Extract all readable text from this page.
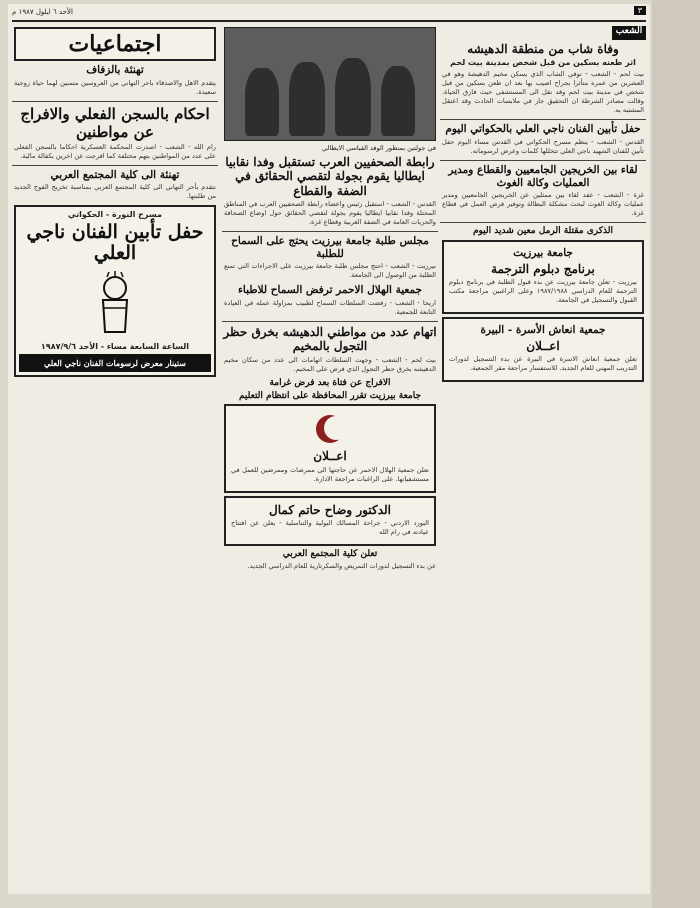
٣
الأحد ٦ ايلول ١٩٨٧ م
الشعب
وفاة شاب من منطقة الدهيشه
اثر طعنه بسكين من قبل شخص بمدينة بيت لحم
بيت لحم - الشعب - توفي الشاب الذي يسكن مخيم الدهيشة وهو في العشرين من عمره متأثرا بجراح اصيب بها بعد ان طعن بسكين من قبل شخص في مدينة بيت لحم وقد نقل الى المستشفى حيث فارق الحياة. وقالت مصادر الشرطة ان التحقيق جار في ملابسات الحادث وقد اعتقل المشتبه به.
حفل تأبين الفنان ناجي العلي بالحكواتي اليوم
القدس - الشعب - ينظم مسرح الحكواتي في القدس مساء اليوم حفل تأبين للفنان الشهيد ناجي العلي تتخللها كلمات وعرض لرسوماته.
لقاء بين الخريجين الجامعيين والقطاع ومدير العمليات وكالة الغوث
غزة - الشعب - عقد لقاء بين ممثلين عن الخريجين الجامعيين ومدير عمليات وكالة الغوث لبحث مشكلة البطالة وتوفير فرص العمل في قطاع غزة.
الذكرى مقتلة الرمل معين شديد اليوم
جامعة بيرزيت
برنامج دبلوم الترجمة
بيرزيت - تعلن جامعة بيرزيت عن بدء قبول الطلبة في برنامج دبلوم الترجمة للعام الدراسي ١٩٨٧/١٩٨٨ وعلى الراغبين مراجعة مكتب القبول والتسجيل في الجامعة.
جمعية انعاش الأسرة - البيرة
اعــلان
تعلن جمعية انعاش الاسرة في البيرة عن بدء التسجيل لدورات التدريب المهني للعام الجديد. للاستفسار مراجعة مقر الجمعية.
في جولتين بمنظور الوفد القياسي الايطالي
رابطة الصحفيين العرب تستقبل وفدا نقابيا ايطاليا يقوم بجولة لتقصي الحقائق في الضفة والقطاع
القدس - الشعب - استقبل رئيس واعضاء رابطة الصحفيين العرب في المناطق المحتلة وفدا نقابيا ايطاليا يقوم بجولة لتقصي الحقائق حول اوضاع الصحافة والحريات العامة في الضفة الغربية وقطاع غزة.
مجلس طلبة جامعة بيرزيت يحتج على السماح للطلبة
بيرزيت - الشعب - احتج مجلس طلبة جامعة بيرزيت على الاجراءات التي تمنع الطلبة من الوصول الى الجامعة.
جمعية الهلال الاحمر ترفض السماح للاطباء
اريحا - الشعب - رفضت السلطات السماح لطبيب بمزاولة عمله في العيادة التابعة للجمعية.
اتهام عدد من مواطني الدهيشه بخرق حظر التجول بالمخيم
بيت لحم - الشعب - وجهت السلطات اتهامات الى عدد من سكان مخيم الدهيشه بخرق حظر التجول الذي فرض على المخيم.
الافراج عن فتاة بعد فرض غرامة
جامعة بيرزيت تقرر المحافظة على انتظام التعليم
اعــلان
تعلن جمعية الهلال الاحمر عن حاجتها الى ممرضات وممرضين للعمل في مستشفياتها. على الراغبات مراجعة الادارة.
الدكتور وضاح حاتم كمال
البورد الاردني - جراحة المسالك البولية والتناسلية - يعلن عن افتتاح عيادته في رام الله
تعلن كلية المجتمع العربي
عن بدء التسجيل لدورات التمريض والسكرتارية للعام الدراسي الجديد.
اجتماعيات
تهنئة بالزفاف
يتقدم الاهل والاصدقاء باحر التهاني من العروسين متمنين لهما حياة زوجية سعيدة.
احكام بالسجن الفعلي والافراج عن مواطنين
رام الله - الشعب - اصدرت المحكمة العسكرية احكاما بالسجن الفعلي على عدد من المواطنين بتهم مختلفة كما افرجت عن اخرين بكفالة مالية.
تهنئة الى كلية المجتمع العربي
نتقدم بأحر التهاني الى كلية المجتمع العربي بمناسبة تخريج الفوج الجديد من طلبتها.
مسرح النورة - الحكواتي
حفل تأبين الفنان ناجي العلي
الساعة السابعة مساء - الأحد ١٩٨٧/٩/٦
ستينار معرض لرسومات الفنان ناجي العلي
